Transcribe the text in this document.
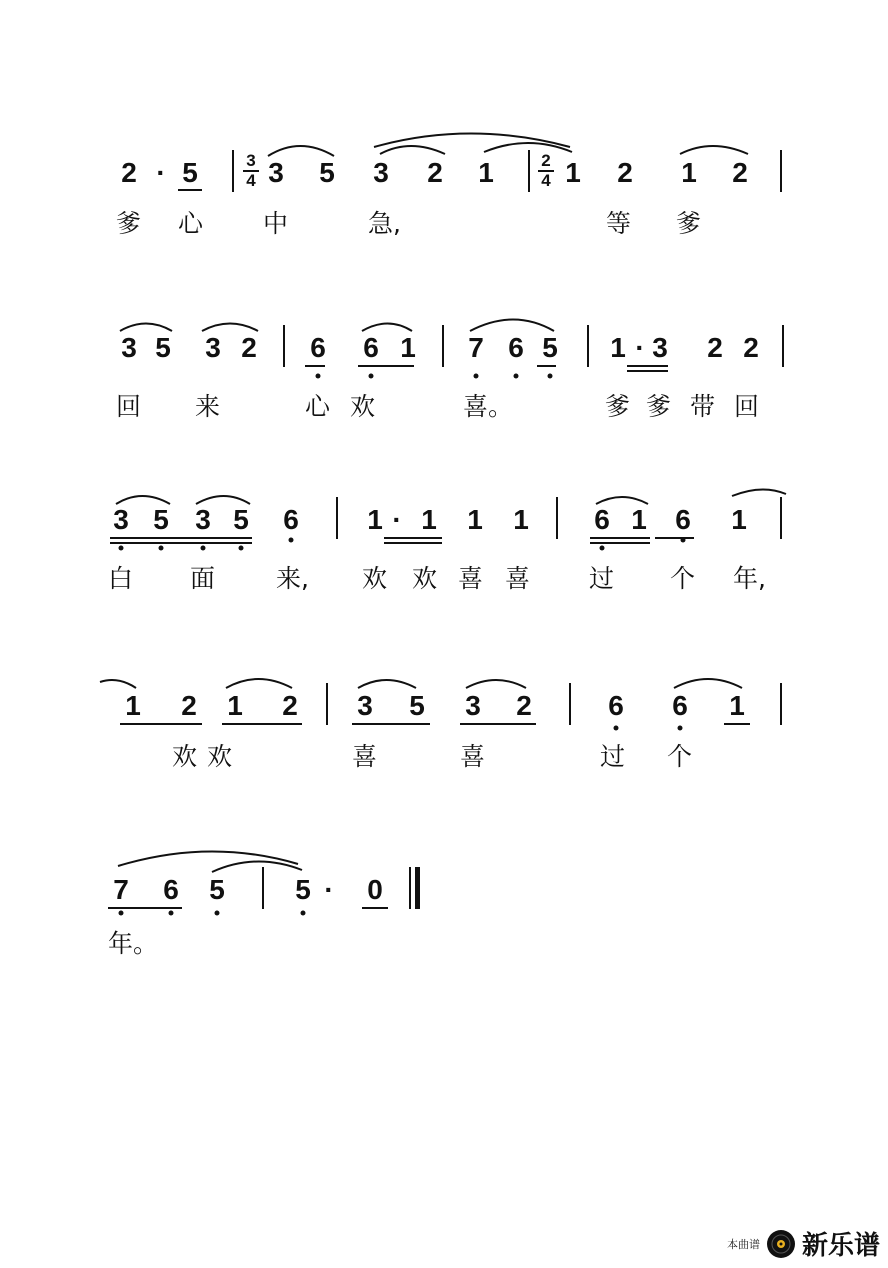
2 · 5	3
4 3 5 3 2 1	2
4 1 2 1 2
爹 心 中	急,	等 爹
3 5 3 2 6 6 1 7 6 5 1 · 3 2 2
回 来	心 欢	喜。	爹 爹 带 回
3 5 3 5 6 1 · 1 1 1 6 1 6 1
白 面 来, 欢 欢 喜 喜 过 个 年,
1 2 1 2 3 5 3 2	6 6 1
欢 欢	喜	喜	过 个
7 6 5	5 · 0
年。
本曲谱 新乐谱
